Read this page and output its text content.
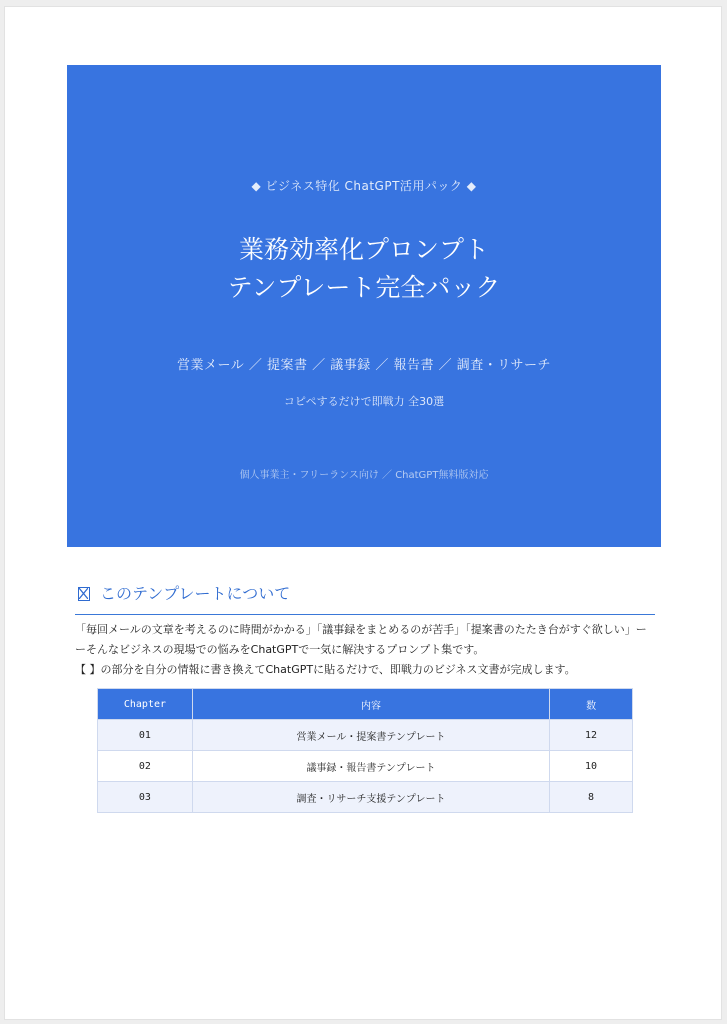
◆ ビジネス特化 ChatGPT活用パック ◆
業務効率化プロンプト
テンプレート完全パック
営業メール ／ 提案書 ／ 議事録 ／ 報告書 ／ 調査・リサーチ
コピペするだけで即戦力 全30選
個人事業主・フリーランス向け ／ ChatGPT無料版対応
このテンプレートについて
「毎回メールの文章を考えるのに時間がかかる」「議事録をまとめるのが苦手」「提案書のたたき台がすぐ欲しい」ーーそんなビジネスの現場での悩みをChatGPTで一気に解決するプロンプト集です。
【 】の部分を自分の情報に書き換えてChatGPTに貼るだけで、即戦力のビジネス文書が完成します。
Chapter	内容	数
01	営業メール・提案書テンプレート	12
02	議事録・報告書テンプレート	10
03	調査・リサーチ支援テンプレート	8
